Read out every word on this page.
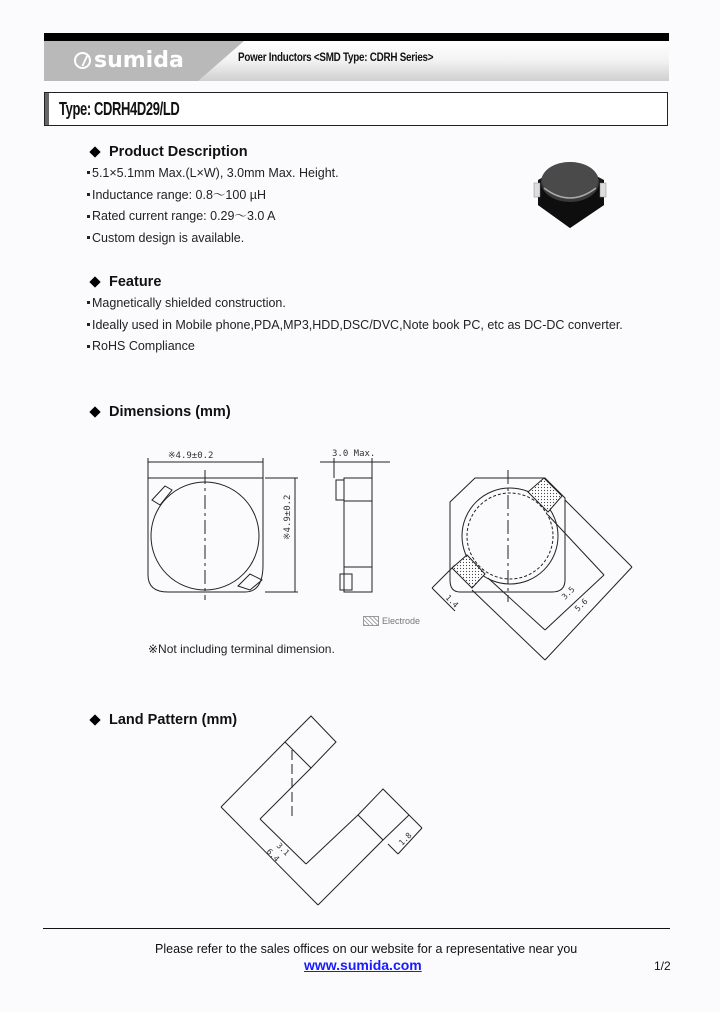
sumida	Power Inductors <SMD Type: CDRH Series>
Type: CDRH4D29/LD
Product Description
5.1×5.1mm Max.(L×W), 3.0mm Max. Height.
Inductance range: 0.8～100 µH
Rated current range: 0.29～3.0 A
Custom design is available.
Feature
Magnetically shielded construction.
Ideally used in Mobile phone,PDA,MP3,HDD,DSC/DVC,Note book PC, etc as DC-DC converter.
RoHS Compliance
Dimensions (mm)
※4.9±0.2
※4.9±0.2
3.0 Max.
1.4	3.5
5.6
Electrode
※Not including terminal dimension.
Land Pattern (mm)
3.1
6.4
1.8
Please refer to the sales offices on our website for a representative near you
www.sumida.com	1/2
